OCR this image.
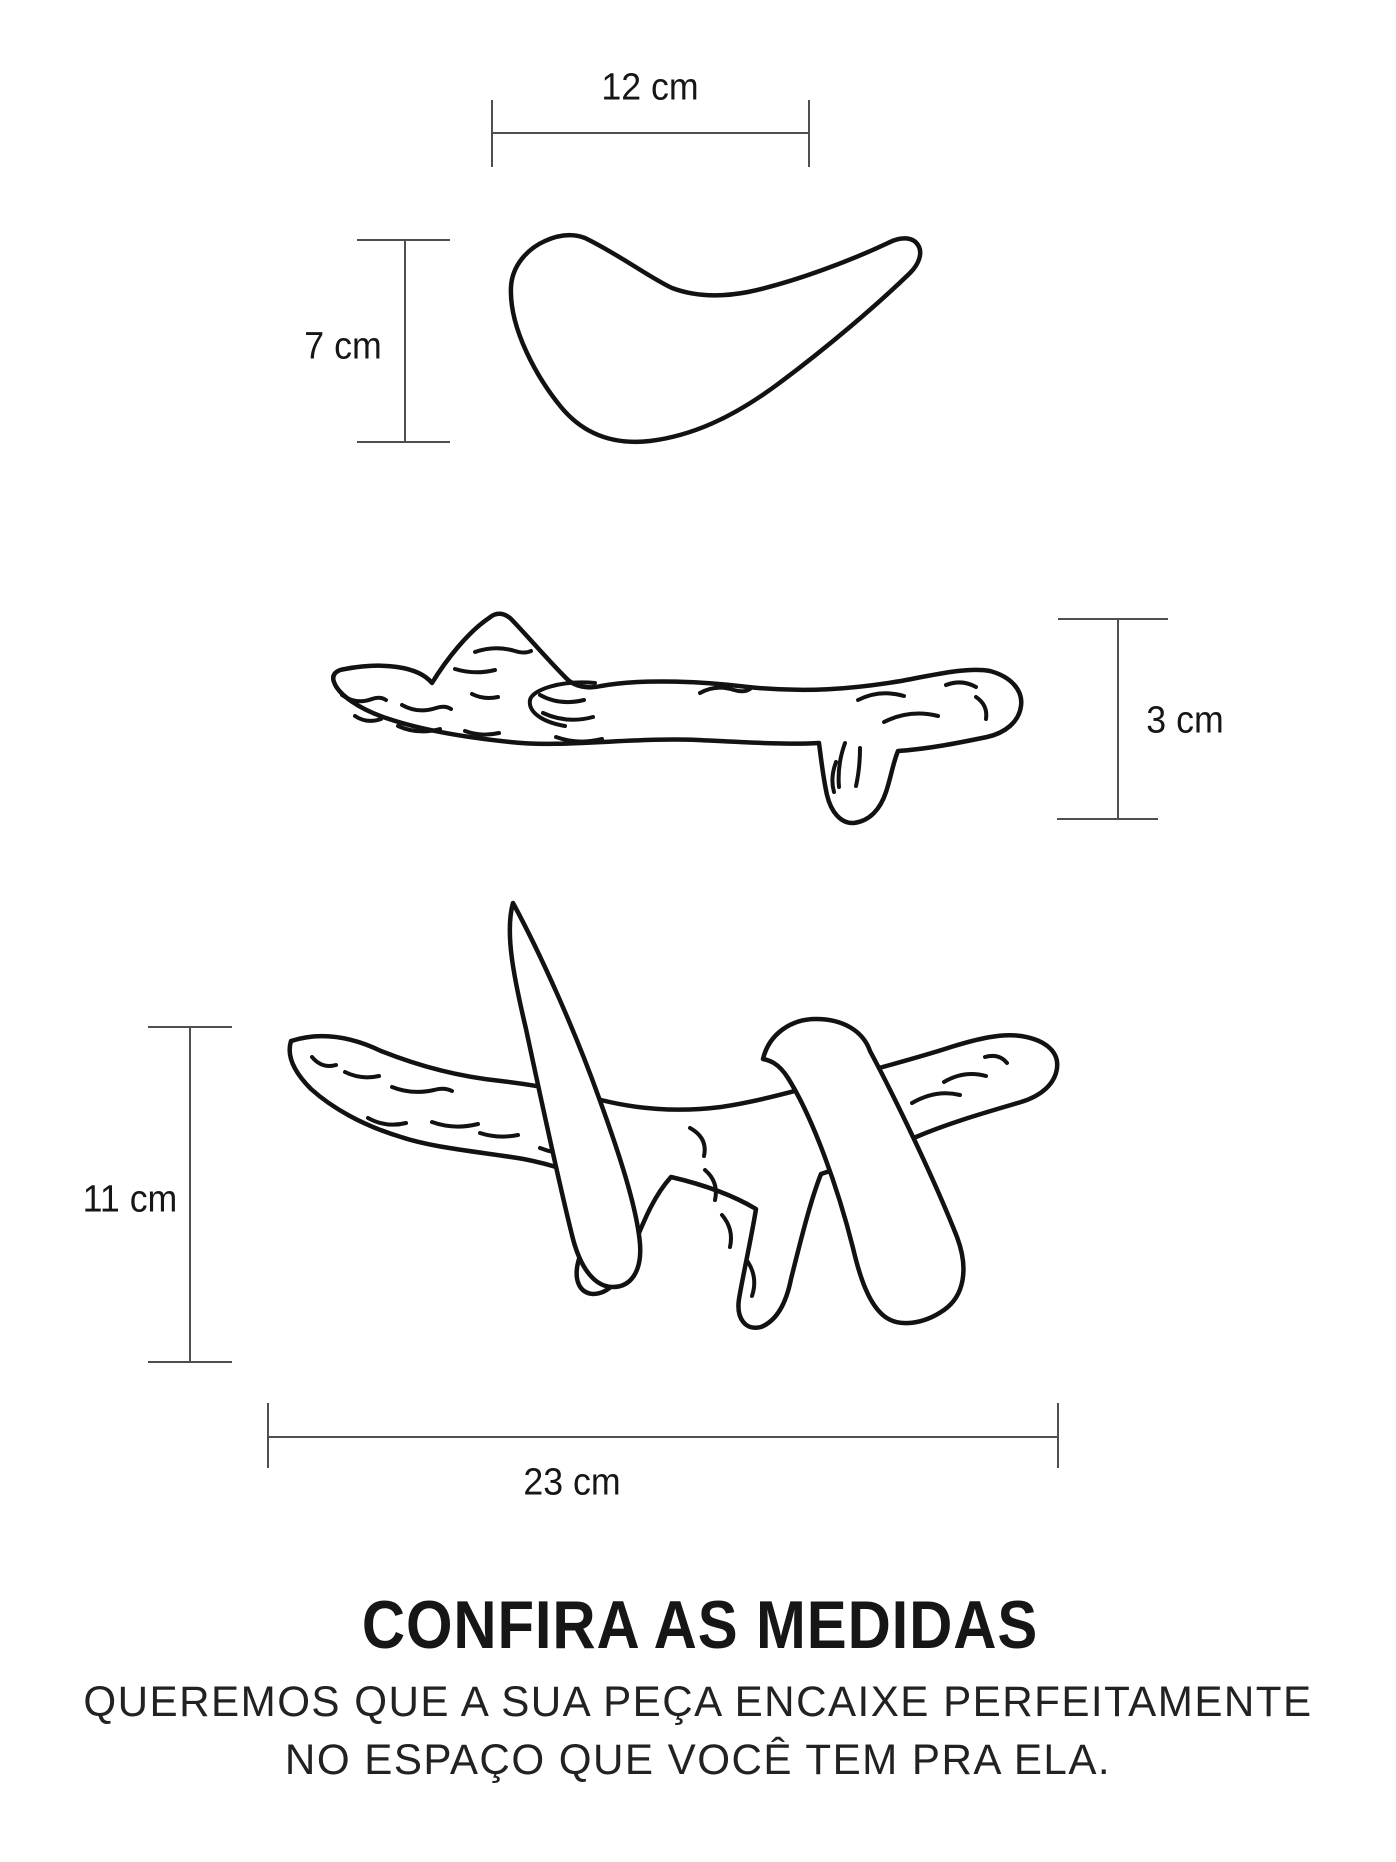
12 cm
7 cm
3 cm
11 cm
23 cm
CONFIRA AS MEDIDAS
QUEREMOS QUE A SUA PEÇA ENCAIXE PERFEITAMENTE
NO ESPAÇO QUE VOCÊ TEM PRA ELA.
